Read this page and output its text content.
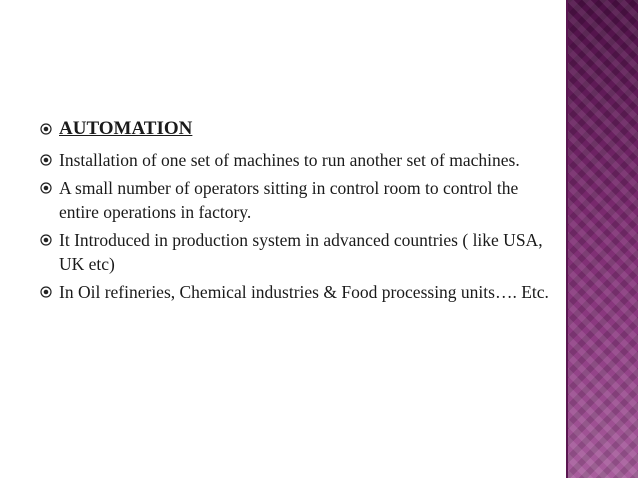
AUTOMATION
Installation of one set of machines to run another set of machines.
A small number of operators sitting in control room to control the entire operations in factory.
It Introduced in production system in advanced countries ( like USA, UK etc)
In Oil refineries, Chemical industries & Food processing units…. Etc.
